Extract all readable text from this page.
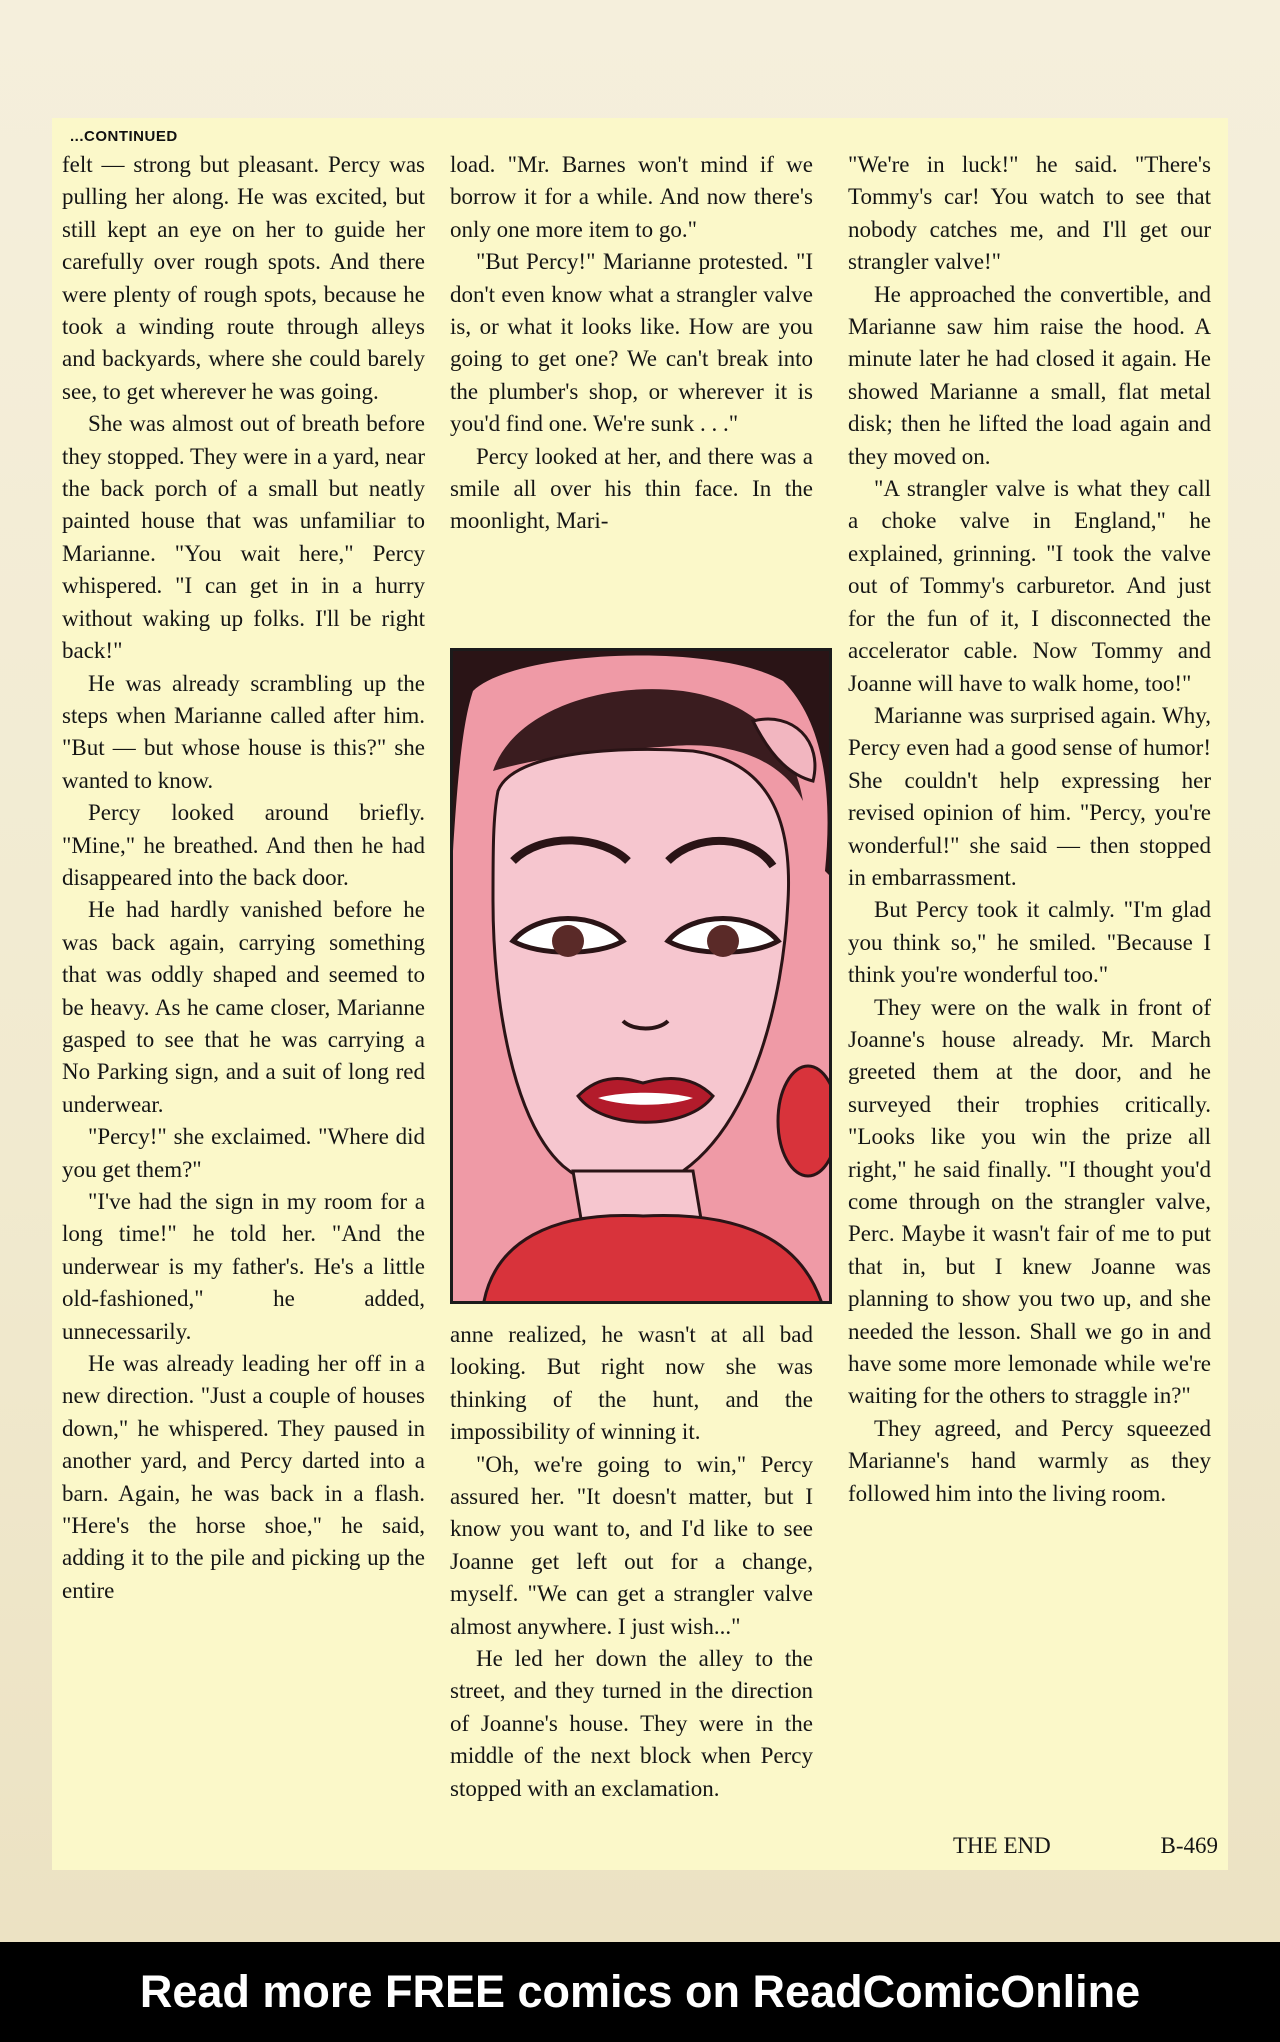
...CONTINUED

felt — strong but pleasant. Percy was pulling her along. He was excited, but still kept an eye on her to guide her carefully over rough spots. And there were plenty of rough spots, because he took a winding route through alleys and backyards, where she could barely see, to get wherever he was going.

She was almost out of breath before they stopped. They were in a yard, near the back porch of a small but neatly painted house that was unfamiliar to Marianne. "You wait here," Percy whispered. "I can get in in a hurry without waking up folks. I'll be right back!"

He was already scrambling up the steps when Marianne called after him. "But — but whose house is this?" she wanted to know.

Percy looked around briefly. "Mine," he breathed. And then he had disappeared into the back door.

He had hardly vanished before he was back again, carrying something that was oddly shaped and seemed to be heavy. As he came closer, Marianne gasped to see that he was carrying a No Parking sign, and a suit of long red underwear.

"Percy!" she exclaimed. "Where did you get them?"

"I've had the sign in my room for a long time!" he told her. "And the underwear is my father's. He's a little old-fashioned," he added, unnecessarily.

He was already leading her off in a new direction. "Just a couple of houses down," he whispered. They paused in another yard, and Percy darted into a barn. Again, he was back in a flash. "Here's the horse shoe," he said, adding it to the pile and picking up the entire

load. "Mr. Barnes won't mind if we borrow it for a while. And now there's only one more item to go."

"But Percy!" Marianne protested. "I don't even know what a strangler valve is, or what it looks like. How are you going to get one? We can't break into the plumber's shop, or wherever it is you'd find one. We're sunk . . ."

Percy looked at her, and there was a smile all over his thin face. In the moonlight, Mari-

anne realized, he wasn't at all bad looking. But right now she was thinking of the hunt, and the impossibility of winning it.

"Oh, we're going to win," Percy assured her. "It doesn't matter, but I know you want to, and I'd like to see Joanne get left out for a change, myself. "We can get a strangler valve almost anywhere. I just wish..."

He led her down the alley to the street, and they turned in the direction of Joanne's house. They were in the middle of the next block when Percy stopped with an exclamation.

"We're in luck!" he said. "There's Tommy's car! You watch to see that nobody catches me, and I'll get our strangler valve!"

He approached the convertible, and Marianne saw him raise the hood. A minute later he had closed it again. He showed Marianne a small, flat metal disk; then he lifted the load again and they moved on.

"A strangler valve is what they call a choke valve in England," he explained, grinning. "I took the valve out of Tommy's carburetor. And just for the fun of it, I disconnected the accelerator cable. Now Tommy and Joanne will have to walk home, too!"

Marianne was surprised again. Why, Percy even had a good sense of humor! She couldn't help expressing her revised opinion of him. "Percy, you're wonderful!" she said — then stopped in embarrassment.

But Percy took it calmly. "I'm glad you think so," he smiled. "Because I think you're wonderful too."

They were on the walk in front of Joanne's house already. Mr. March greeted them at the door, and he surveyed their trophies critically. "Looks like you win the prize all right," he said finally. "I thought you'd come through on the strangler valve, Perc. Maybe it wasn't fair of me to put that in, but I knew Joanne was planning to show you two up, and she needed the lesson. Shall we go in and have some more lemonade while we're waiting for the others to straggle in?"

They agreed, and Percy squeezed Marianne's hand warmly as they followed him into the living room.

THE END	B-469
Read more FREE comics on ReadComicOnline
